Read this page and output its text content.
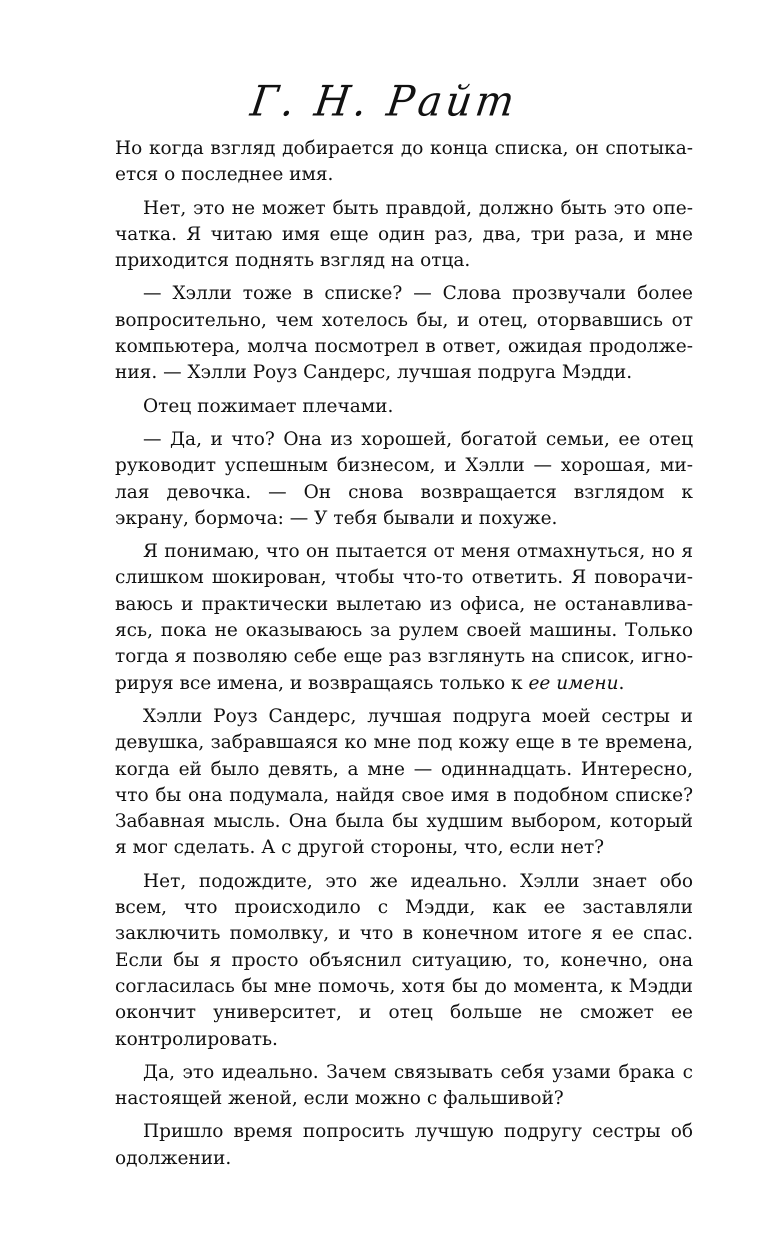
Г. Н. Райт

Но когда взгляд добирается до конца списка, он спотыкается о последнее имя.

Нет, это не может быть правдой, должно быть это опечатка. Я читаю имя еще один раз, два, три раза, и мне приходится поднять взгляд на отца.

— Хэлли тоже в списке? — Слова прозвучали более вопросительно, чем хотелось бы, и отец, оторвавшись от компьютера, молча посмотрел в ответ, ожидая продолжения. — Хэлли Роуз Сандерс, лучшая подруга Мэдди.

Отец пожимает плечами.

— Да, и что? Она из хорошей, богатой семьи, ее отец руководит успешным бизнесом, и Хэлли — хорошая, милая девочка. — Он снова возвращается взглядом к экрану, бормоча: — У тебя бывали и похуже.

Я понимаю, что он пытается от меня отмахнуться, но я слишком шокирован, чтобы что-то ответить. Я поворачиваюсь и практически вылетаю из офиса, не останавливаясь, пока не оказываюсь за рулем своей машины. Только тогда я позволяю себе еще раз взглянуть на список, игнорируя все имена, и возвращаясь только к ее имени.

Хэлли Роуз Сандерс, лучшая подруга моей сестры и девушка, забравшаяся ко мне под кожу еще в те времена, когда ей было девять, а мне — одиннадцать. Интересно, что бы она подумала, найдя свое имя в подобном списке? Забавная мысль. Она была бы худшим выбором, который я мог сделать. А с другой стороны, что, если нет?

Нет, подождите, это же идеально. Хэлли знает обо всем, что происходило с Мэдди, как ее заставляли заключить помолвку, и что в конечном итоге я ее спас. Если бы я просто объяснил ситуацию, то, конечно, она согласилась бы мне помочь, хотя бы до момента, к Мэдди окончит университет, и отец больше не сможет ее контролировать.

Да, это идеально. Зачем связывать себя узами брака с настоящей женой, если можно с фальшивой?

Пришло время попросить лучшую подругу сестры об одолжении.
